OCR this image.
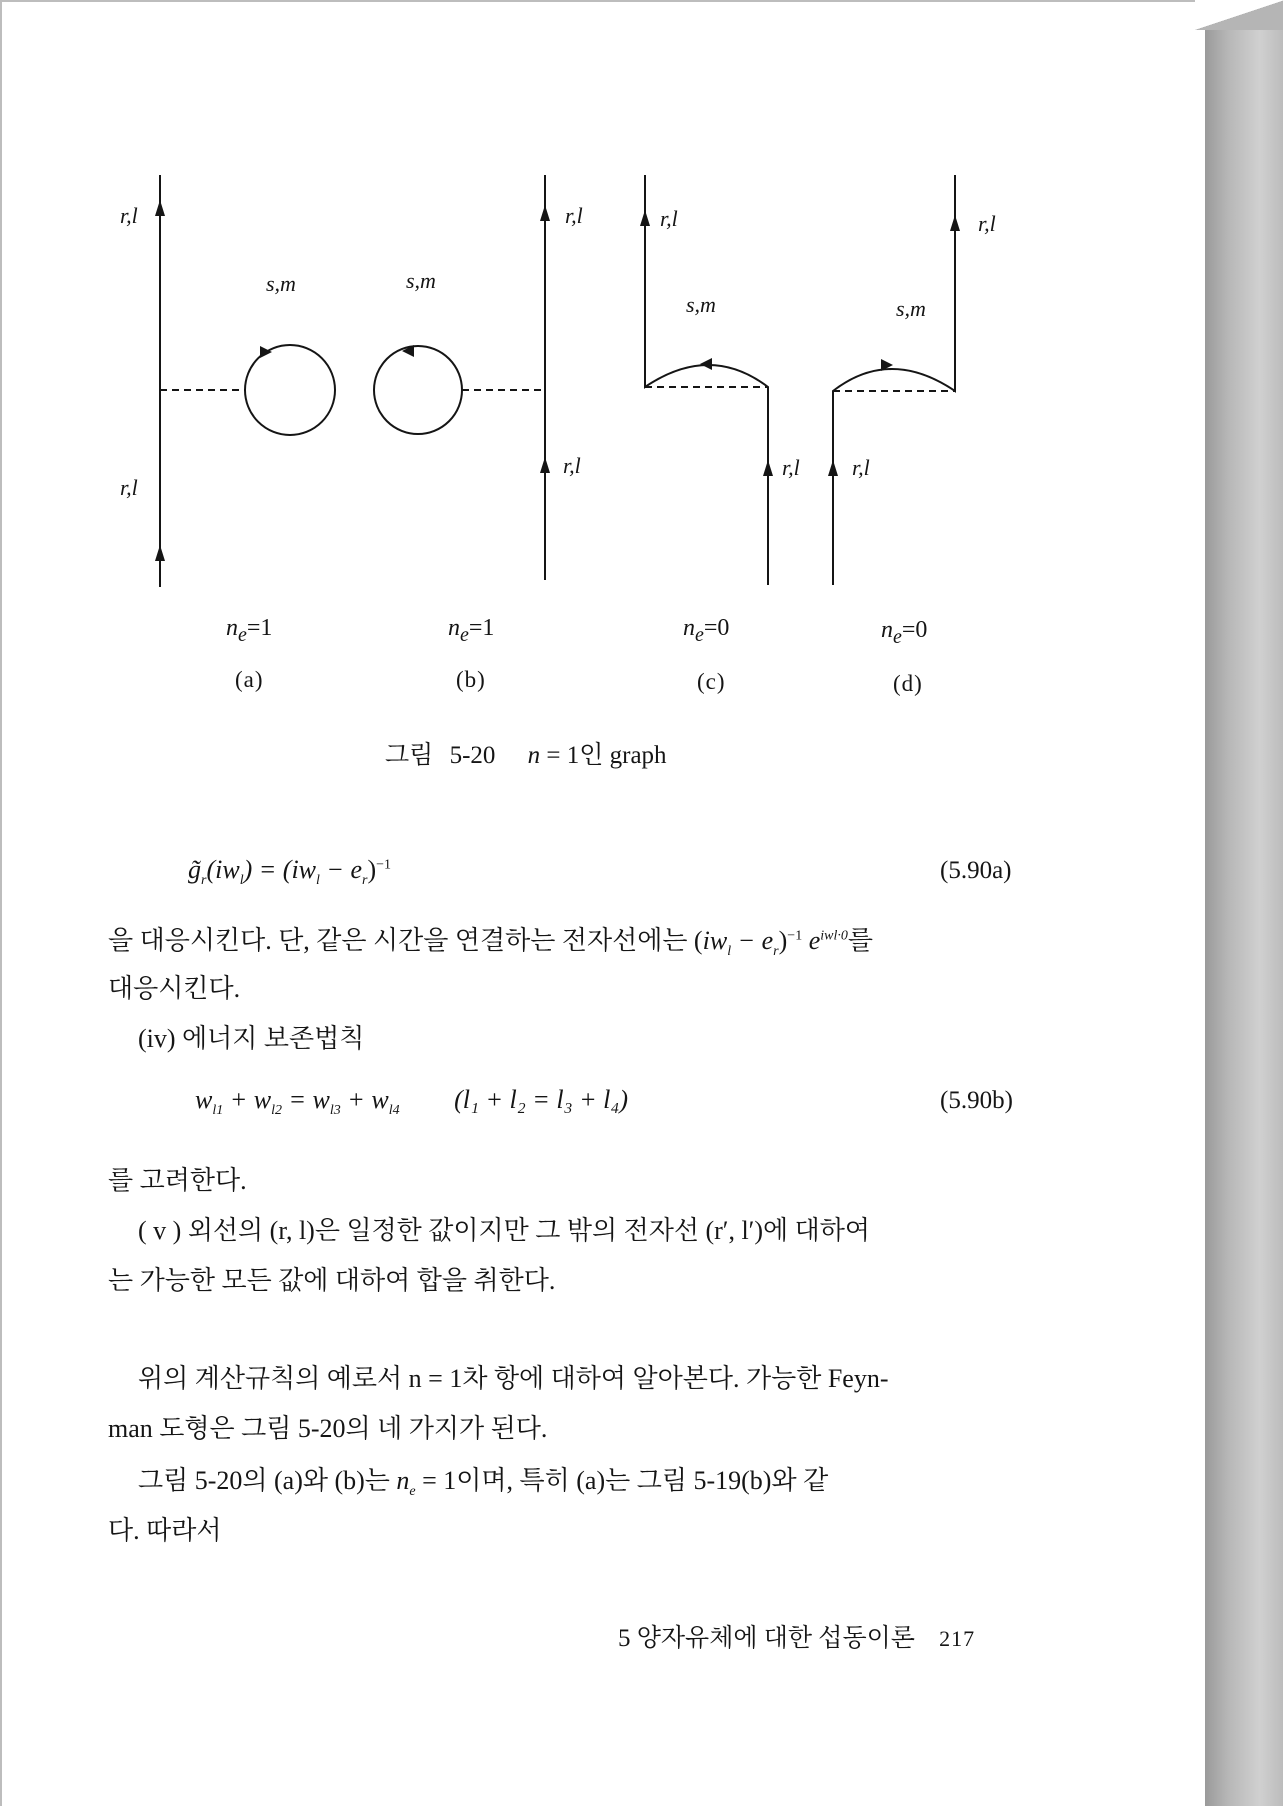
r,l
r,l
s,m
r,l
r,l
s,m
r,l
r,l
s,m
r,l
r,l
s,m
$n_e=1$	$n_e=1$	$n_e=0$	$n_e=0$
(a)	(b)	(c)	(d)
그림 5-20 n = 1인 graph
$g̃_r(iw_l) = (iw_l - e_r)^{-1}$	(5.90a)
을 대응시킨다. 단, 같은 시간을 연결하는 전자선에는 $(iw_l - e_r)^{-1}$ $e^{iwl\cdot 0}$를
대응시킨다.
(iv) 에너지 보존법칙
$w_{l1} + w_{l2} = w_{l3} + w_{l4}$ (l₁ + l₂ = l₃ + l₄)	(5.90b)
를 고려한다.
( v ) 외선의 (r, l)은 일정한 값이지만 그 밖의 전자선 (r′, l′)에 대하여
는 가능한 모든 값에 대하여 합을 취한다.
위의 계산규칙의 예로서 n = 1차 항에 대하여 알아본다. 가능한 Feyn-
man 도형은 그림 5-20의 네 가지가 된다.
그림 5-20의 (a)와 (b)는 $n_e = 1$이며, 특히 (a)는 그림 5-19(b)와 같
다. 따라서
5 양자유체에 대한 섭동이론 217
